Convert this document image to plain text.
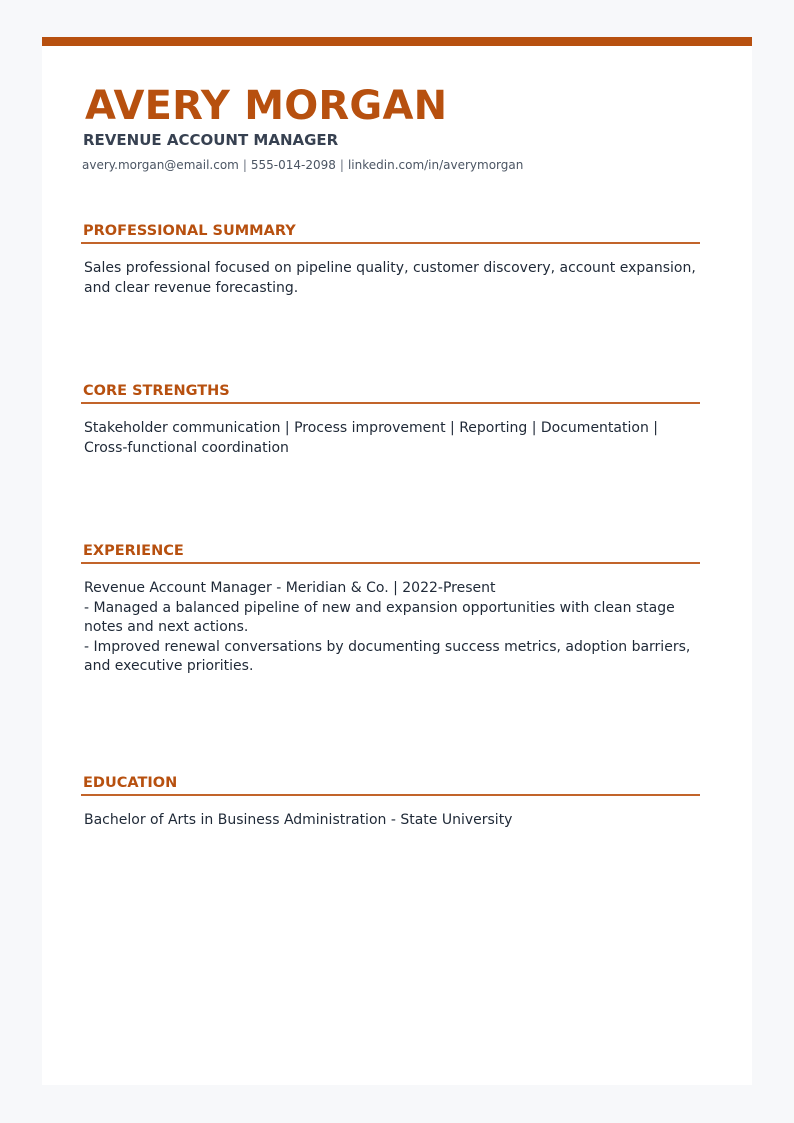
AVERY MORGAN
REVENUE ACCOUNT MANAGER
avery.morgan@email.com | 555-014-2098 | linkedin.com/in/averymorgan
PROFESSIONAL SUMMARY

Sales professional focused on pipeline quality, customer discovery, account expansion, and clear revenue forecasting.

CORE STRENGTHS

Stakeholder communication | Process improvement | Reporting | Documentation | Cross-functional coordination

EXPERIENCE

Revenue Account Manager - Meridian & Co. | 2022-Present

- Managed a balanced pipeline of new and expansion opportunities with clean stage notes and next actions.

- Improved renewal conversations by documenting success metrics, adoption barriers, and executive priorities.

EDUCATION

Bachelor of Arts in Business Administration - State University
